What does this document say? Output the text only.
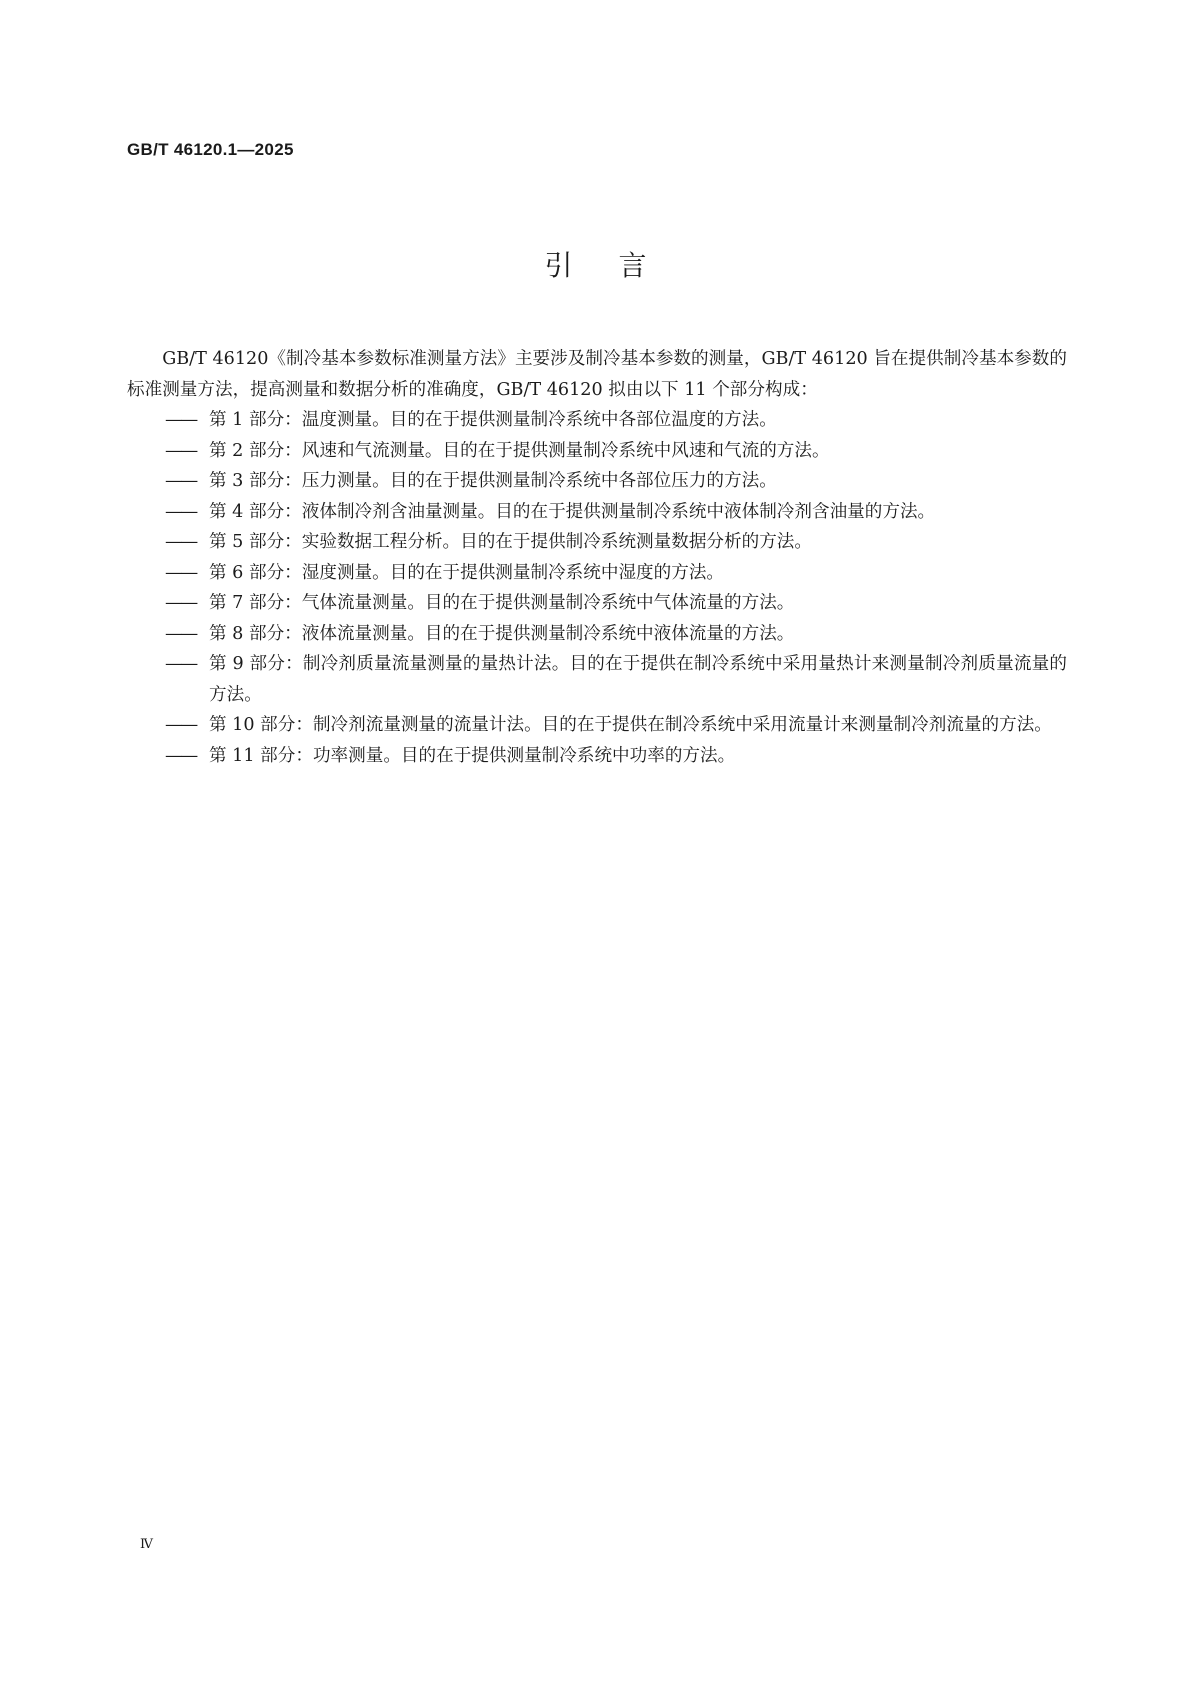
GB/T 46120.1—2025
引言

GB/T 46120《制冷基本参数标准测量方法》主要涉及制冷基本参数的测量，GB/T 46120 旨在提供制冷基本参数的标准测量方法，提高测量和数据分析的准确度，GB/T 46120 拟由以下 11 个部分构成：

—— 第 1 部分：温度测量。目的在于提供测量制冷系统中各部位温度的方法。
—— 第 2 部分：风速和气流测量。目的在于提供测量制冷系统中风速和气流的方法。
—— 第 3 部分：压力测量。目的在于提供测量制冷系统中各部位压力的方法。
—— 第 4 部分：液体制冷剂含油量测量。目的在于提供测量制冷系统中液体制冷剂含油量的方法。
—— 第 5 部分：实验数据工程分析。目的在于提供制冷系统测量数据分析的方法。
—— 第 6 部分：湿度测量。目的在于提供测量制冷系统中湿度的方法。
—— 第 7 部分：气体流量测量。目的在于提供测量制冷系统中气体流量的方法。
—— 第 8 部分：液体流量测量。目的在于提供测量制冷系统中液体流量的方法。
—— 第 9 部分：制冷剂质量流量测量的量热计法。目的在于提供在制冷系统中采用量热计来测量制冷剂质量流量的方法。
—— 第 10 部分：制冷剂流量测量的流量计法。目的在于提供在制冷系统中采用流量计来测量制冷剂流量的方法。
—— 第 11 部分：功率测量。目的在于提供测量制冷系统中功率的方法。
Ⅳ
